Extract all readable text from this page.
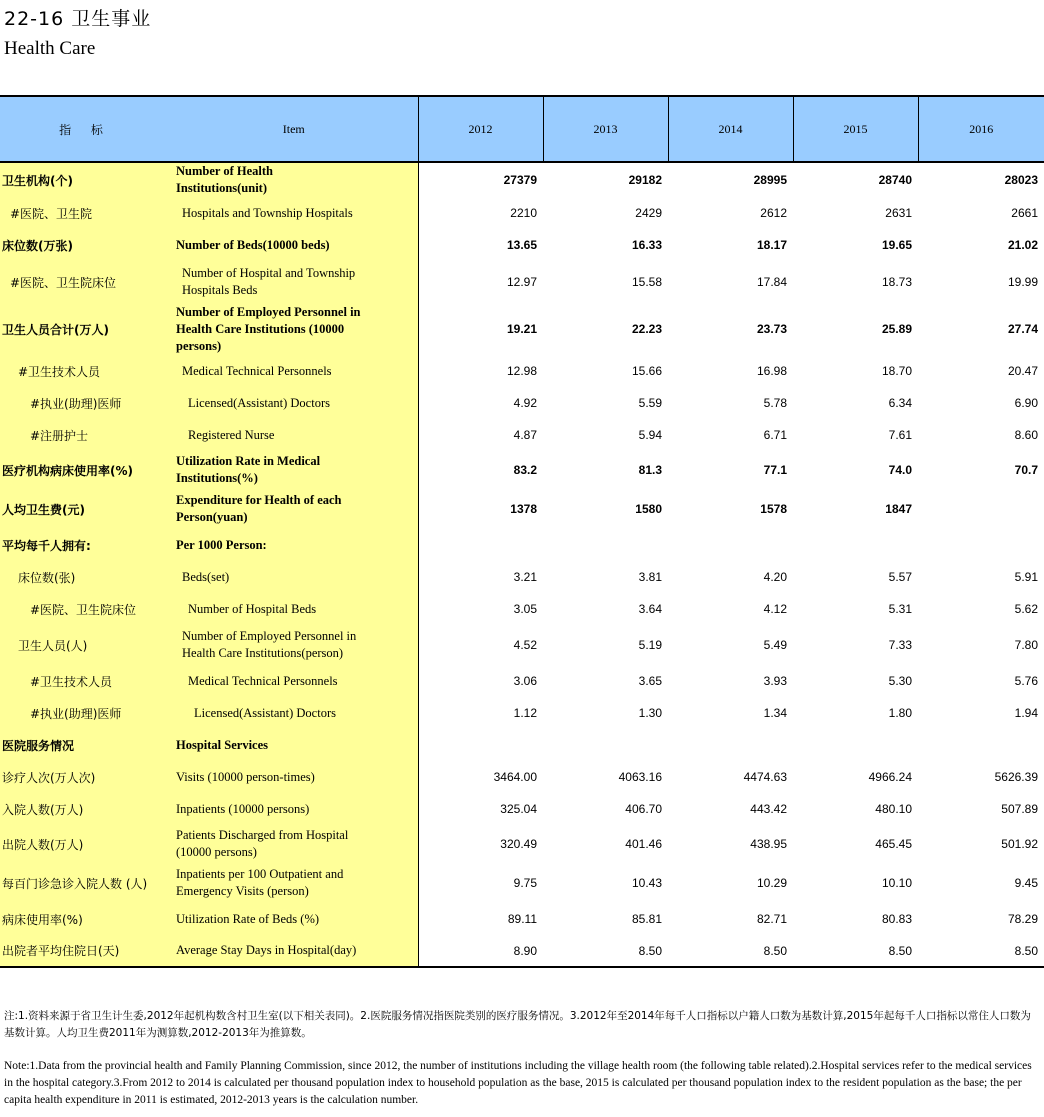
22-16 卫生事业
Health Care
指 标	Item	2012	2013	2014	2015	2016
卫生机构(个)	Number of Health Institutions(unit)	27379	29182	28995	28740	28023
#医院、卫生院	Hospitals and Township Hospitals	2210	2429	2612	2631	2661
床位数(万张)	Number of Beds(10000 beds)	13.65	16.33	18.17	19.65	21.02
#医院、卫生院床位	Number of Hospital and Township Hospitals Beds	12.97	15.58	17.84	18.73	19.99
卫生人员合计(万人)	Number of Employed Personnel in Health Care Institutions (10000 persons)	19.21	22.23	23.73	25.89	27.74
#卫生技术人员	Medical Technical Personnels	12.98	15.66	16.98	18.70	20.47
#执业(助理)医师	Licensed(Assistant) Doctors	4.92	5.59	5.78	6.34	6.90
#注册护士	Registered Nurse	4.87	5.94	6.71	7.61	8.60
医疗机构病床使用率(%)	Utilization Rate in Medical Institutions(%)	83.2	81.3	77.1	74.0	70.7
人均卫生费(元)	Expenditure for Health of each Person(yuan)	1378	1580	1578	1847	
平均每千人拥有:	Per 1000 Person:					
床位数(张)	Beds(set)	3.21	3.81	4.20	5.57	5.91
#医院、卫生院床位	Number of Hospital Beds	3.05	3.64	4.12	5.31	5.62
卫生人员(人)	Number of Employed Personnel in Health Care Institutions(person)	4.52	5.19	5.49	7.33	7.80
#卫生技术人员	Medical Technical Personnels	3.06	3.65	3.93	5.30	5.76
#执业(助理)医师	Licensed(Assistant) Doctors	1.12	1.30	1.34	1.80	1.94
医院服务情况	Hospital Services					
诊疗人次(万人次)	Visits (10000 person-times)	3464.00	4063.16	4474.63	4966.24	5626.39
入院人数(万人)	Inpatients (10000 persons)	325.04	406.70	443.42	480.10	507.89
出院人数(万人)	Patients Discharged from Hospital (10000 persons)	320.49	401.46	438.95	465.45	501.92
每百门诊急诊入院人数 (人)	Inpatients per 100 Outpatient and Emergency Visits (person)	9.75	10.43	10.29	10.10	9.45
病床使用率(%)	Utilization Rate of Beds (%)	89.11	85.81	82.71	80.83	78.29
出院者平均住院日(天)	Average Stay Days in Hospital(day)	8.90	8.50	8.50	8.50	8.50
注:1.资料来源于省卫生计生委,2012年起机构数含村卫生室(以下相关表同)。2.医院服务情况指医院类别的医疗服务情况。3.2012年至2014年每千人口指标以户籍人口数为基数计算,2015年起每千人口指标以常住人口数为基数计算。人均卫生费2011年为测算数,2012-2013年为推算数。
Note:1.Data from the provincial health and Family Planning Commission, since 2012, the number of institutions including the village health room (the following table related).2.Hospital services refer to the medical services in the hospital category.3.From 2012 to 2014 is calculated per thousand population index to household population as the base, 2015 is calculated per thousand population index to the resident population as the base; the per capita health expenditure in 2011 is estimated, 2012-2013 years is the calculation number.
